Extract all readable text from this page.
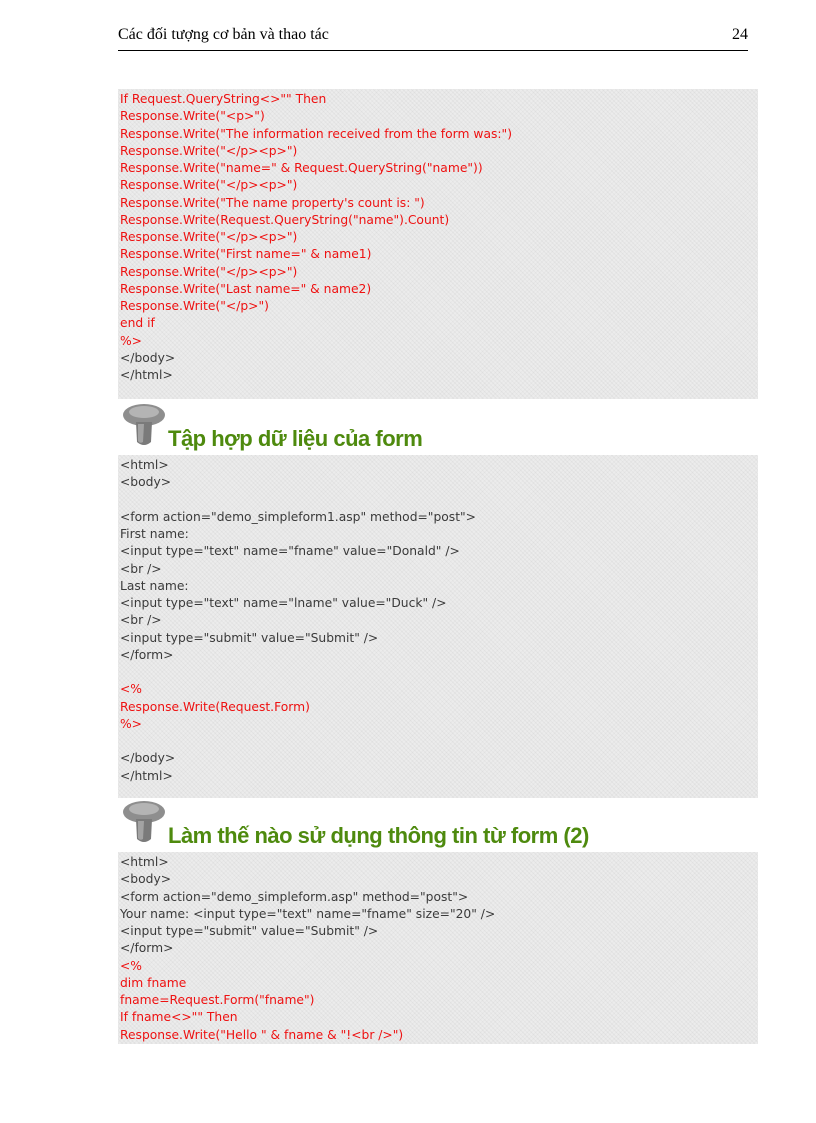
Các đối tượng cơ bản và thao tác	24
If Request.QueryString<>"" Then
Response.Write("<p>")
Response.Write("The information received from the form was:")
Response.Write("</p><p>")
Response.Write("name=" & Request.QueryString("name"))
Response.Write("</p><p>")
Response.Write("The name property's count is: ")
Response.Write(Request.QueryString("name").Count)
Response.Write("</p><p>")
Response.Write("First name=" & name1)
Response.Write("</p><p>")
Response.Write("Last name=" & name2)
Response.Write("</p>")
end if
%>
</body>
</html>
Tập hợp dữ liệu của form
<html>
<body>
<form action="demo_simpleform1.asp" method="post">
First name:
<input type="text" name="fname" value="Donald" />
<br />
Last name:
<input type="text" name="lname" value="Duck" />
<br />
<input type="submit" value="Submit" />
</form>
<%
Response.Write(Request.Form)
%>
</body>
</html>
Làm thế nào sử dụng thông tin từ form (2)
<html>
<body>
<form action="demo_simpleform.asp" method="post">
Your name: <input type="text" name="fname" size="20" />
<input type="submit" value="Submit" />
</form>
<%
dim fname
fname=Request.Form("fname")
If fname<>"" Then
Response.Write("Hello " & fname & "!<br />")
